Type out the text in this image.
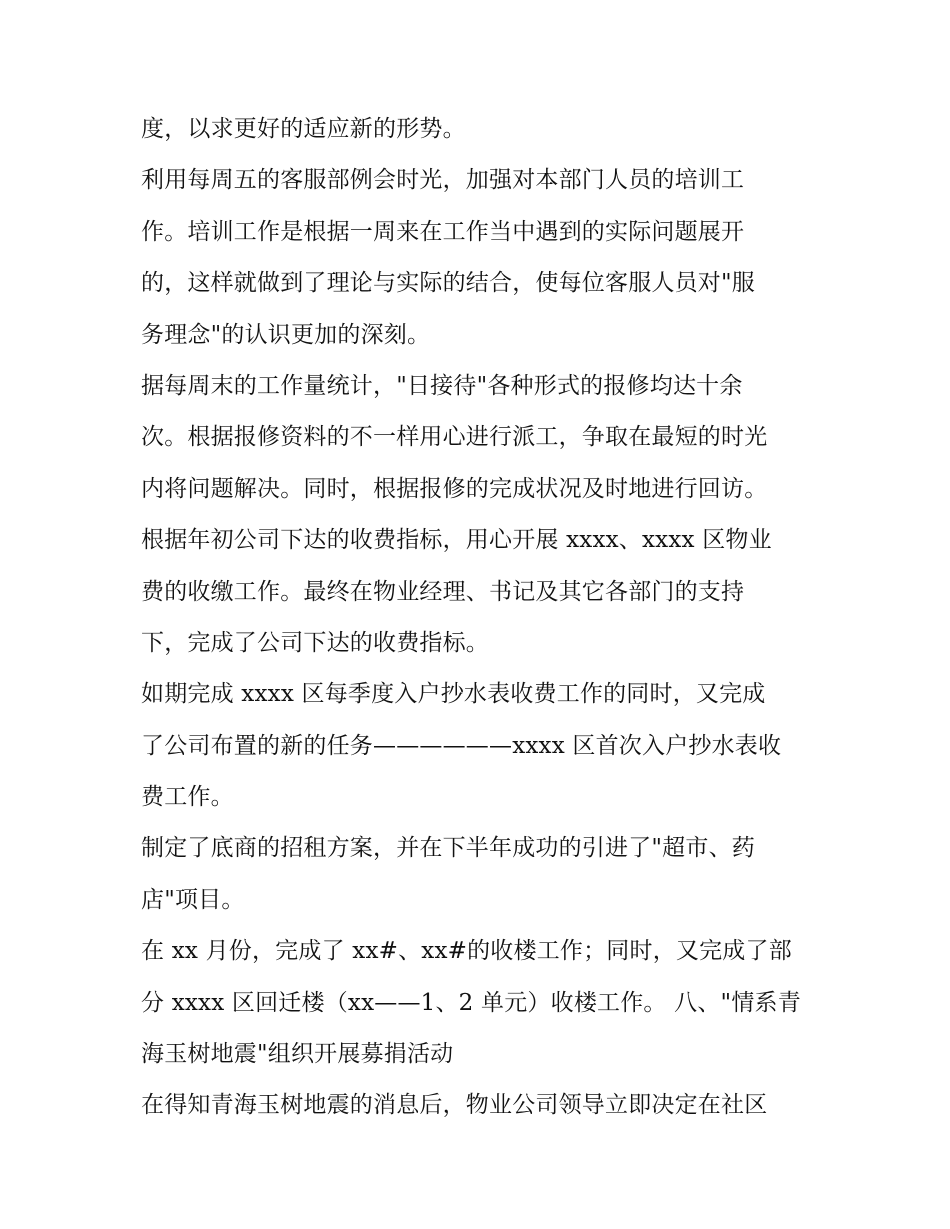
度，以求更好的适应新的形势。
利用每周五的客服部例会时光，加强对本部门人员的培训工
作。培训工作是根据一周来在工作当中遇到的实际问题展开
的，这样就做到了理论与实际的结合，使每位客服人员对"服
务理念"的认识更加的深刻。
据每周末的工作量统计，"日接待"各种形式的报修均达十余
次。根据报修资料的不一样用心进行派工，争取在最短的时光
内将问题解决。同时，根据报修的完成状况及时地进行回访。
根据年初公司下达的收费指标，用心开展 xxxx、xxxx 区物业
费的收缴工作。最终在物业经理、书记及其它各部门的支持
下，完成了公司下达的收费指标。
如期完成 xxxx 区每季度入户抄水表收费工作的同时，又完成
了公司布置的新的任务——————xxxx 区首次入户抄水表收
费工作。
制定了底商的招租方案，并在下半年成功的引进了"超市、药
店"项目。
在 xx 月份，完成了 xx#、xx#的收楼工作；同时，又完成了部
分 xxxx 区回迁楼（xx——1、2 单元）收楼工作。 八、"情系青
海玉树地震"组织开展募捐活动
在得知青海玉树地震的消息后，物业公司领导立即决定在社区
